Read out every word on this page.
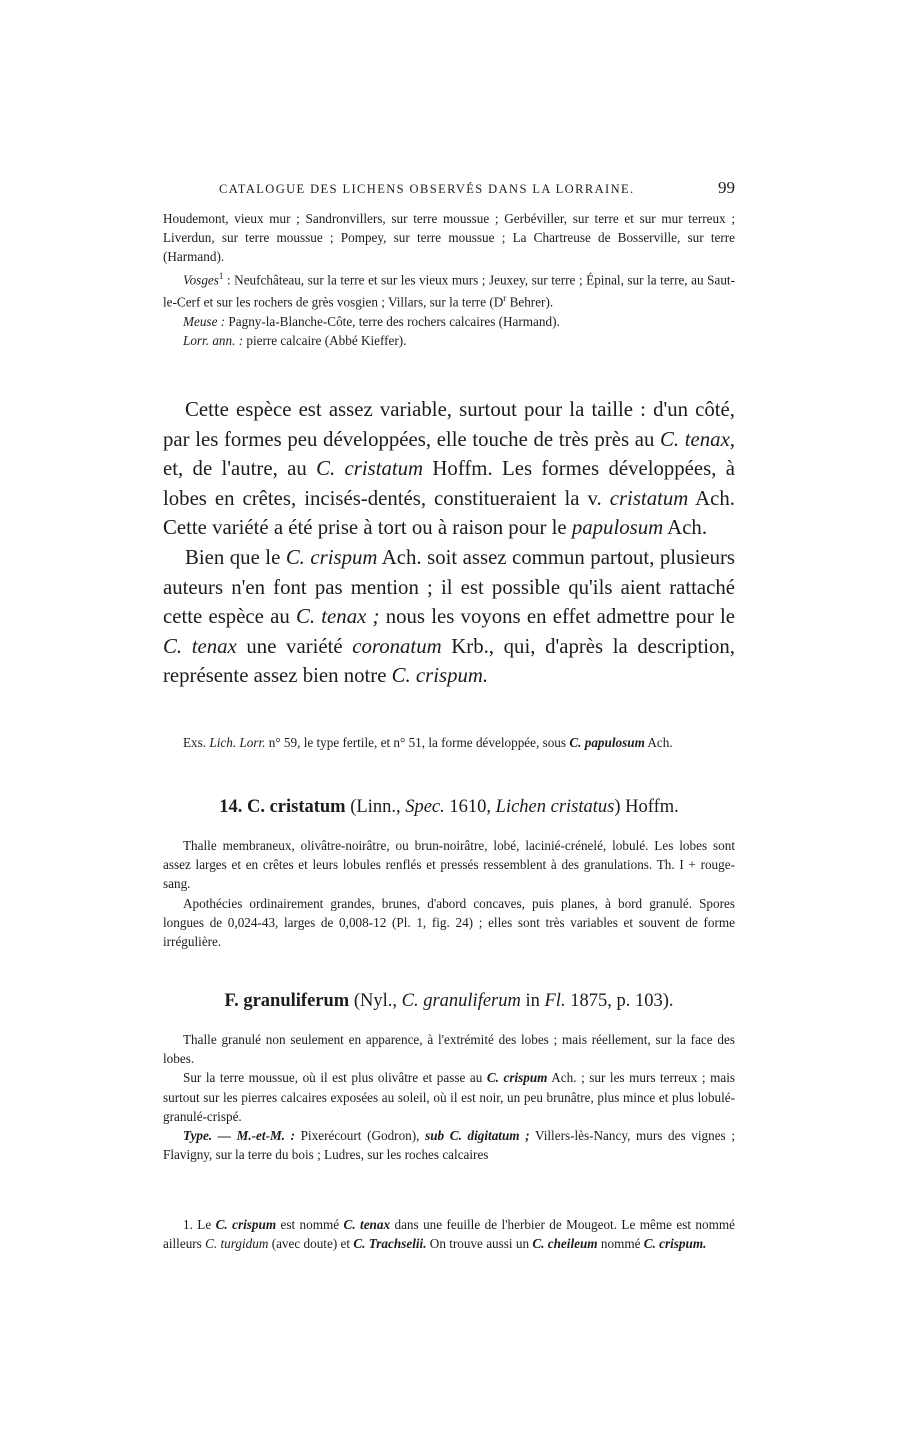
CATALOGUE DES LICHENS OBSERVÉS DANS LA LORRAINE.	99

Houdemont, vieux mur ; Sandronvillers, sur terre moussue ; Gerbéviller, sur terre et sur mur terreux ; Liverdun, sur terre moussue ; Pompey, sur terre moussue ; La Chartreuse de Bosserville, sur terre (Harmand).

Vosges$^1$ : Neufchâteau, sur la terre et sur les vieux murs ; Jeuxey, sur terre ; Épinal, sur la terre, au Saut-le-Cerf et sur les rochers de grès vosgien ; Villars, sur la terre ($D^r$ Behrer).

Meuse : Pagny-la-Blanche-Côte, terre des rochers calcaires (Harmand).

Lorr. ann. : pierre calcaire (Abbé Kieffer).

Cette espèce est assez variable, surtout pour la taille : d'un côté, par les formes peu développées, elle touche de très près au C. tenax, et, de l'autre, au C. cristatum Hoffm. Les formes développées, à lobes en crêtes, incisés-dentés, constitueraient la v. cristatum Ach. Cette variété a été prise à tort ou à raison pour le papulosum Ach.

Bien que le C. crispum Ach. soit assez commun partout, plusieurs auteurs n'en font pas mention ; il est possible qu'ils aient rattaché cette espèce au C. tenax ; nous les voyons en effet admettre pour le C. tenax une variété coronatum Krb., qui, d'après la description, représente assez bien notre C. crispum.

Exs. Lich. Lorr. n° 59, le type fertile, et n° 51, la forme développée, sous C. papulosum Ach.

14. C. cristatum (Linn., Spec. 1610, Lichen cristatus) Hoffm.

Thalle membraneux, olivâtre-noirâtre, ou brun-noirâtre, lobé, lacinié-crénelé, lobulé. Les lobes sont assez larges et en crêtes et leurs lobules renflés et pressés ressemblent à des granulations. Th. I + rouge-sang.

Apothécies ordinairement grandes, brunes, d'abord concaves, puis planes, à bord granulé. Spores longues de 0,024-43, larges de 0,008-12 (Pl. 1, fig. 24) ; elles sont très variables et souvent de forme irrégulière.

F. granuliferum (Nyl., C. granuliferum in Fl. 1875, p. 103).

Thalle granulé non seulement en apparence, à l'extrémité des lobes ; mais réellement, sur la face des lobes.

Sur la terre moussue, où il est plus olivâtre et passe au C. crispum Ach. ; sur les murs terreux ; mais surtout sur les pierres calcaires exposées au soleil, où il est noir, un peu brunâtre, plus mince et plus lobulé-granulé-crispé.

Type. — M.-et-M. : Pixerécourt (Godron), sub C. digitatum ; Villers-lès-Nancy, murs des vignes ; Flavigny, sur la terre du bois ; Ludres, sur les roches calcaires

1. Le C. crispum est nommé C. tenax dans une feuille de l'herbier de Mougeot. Le même est nommé ailleurs C. turgidum (avec doute) et C. Trachselii. On trouve aussi un C. cheileum nommé C. crispum.
